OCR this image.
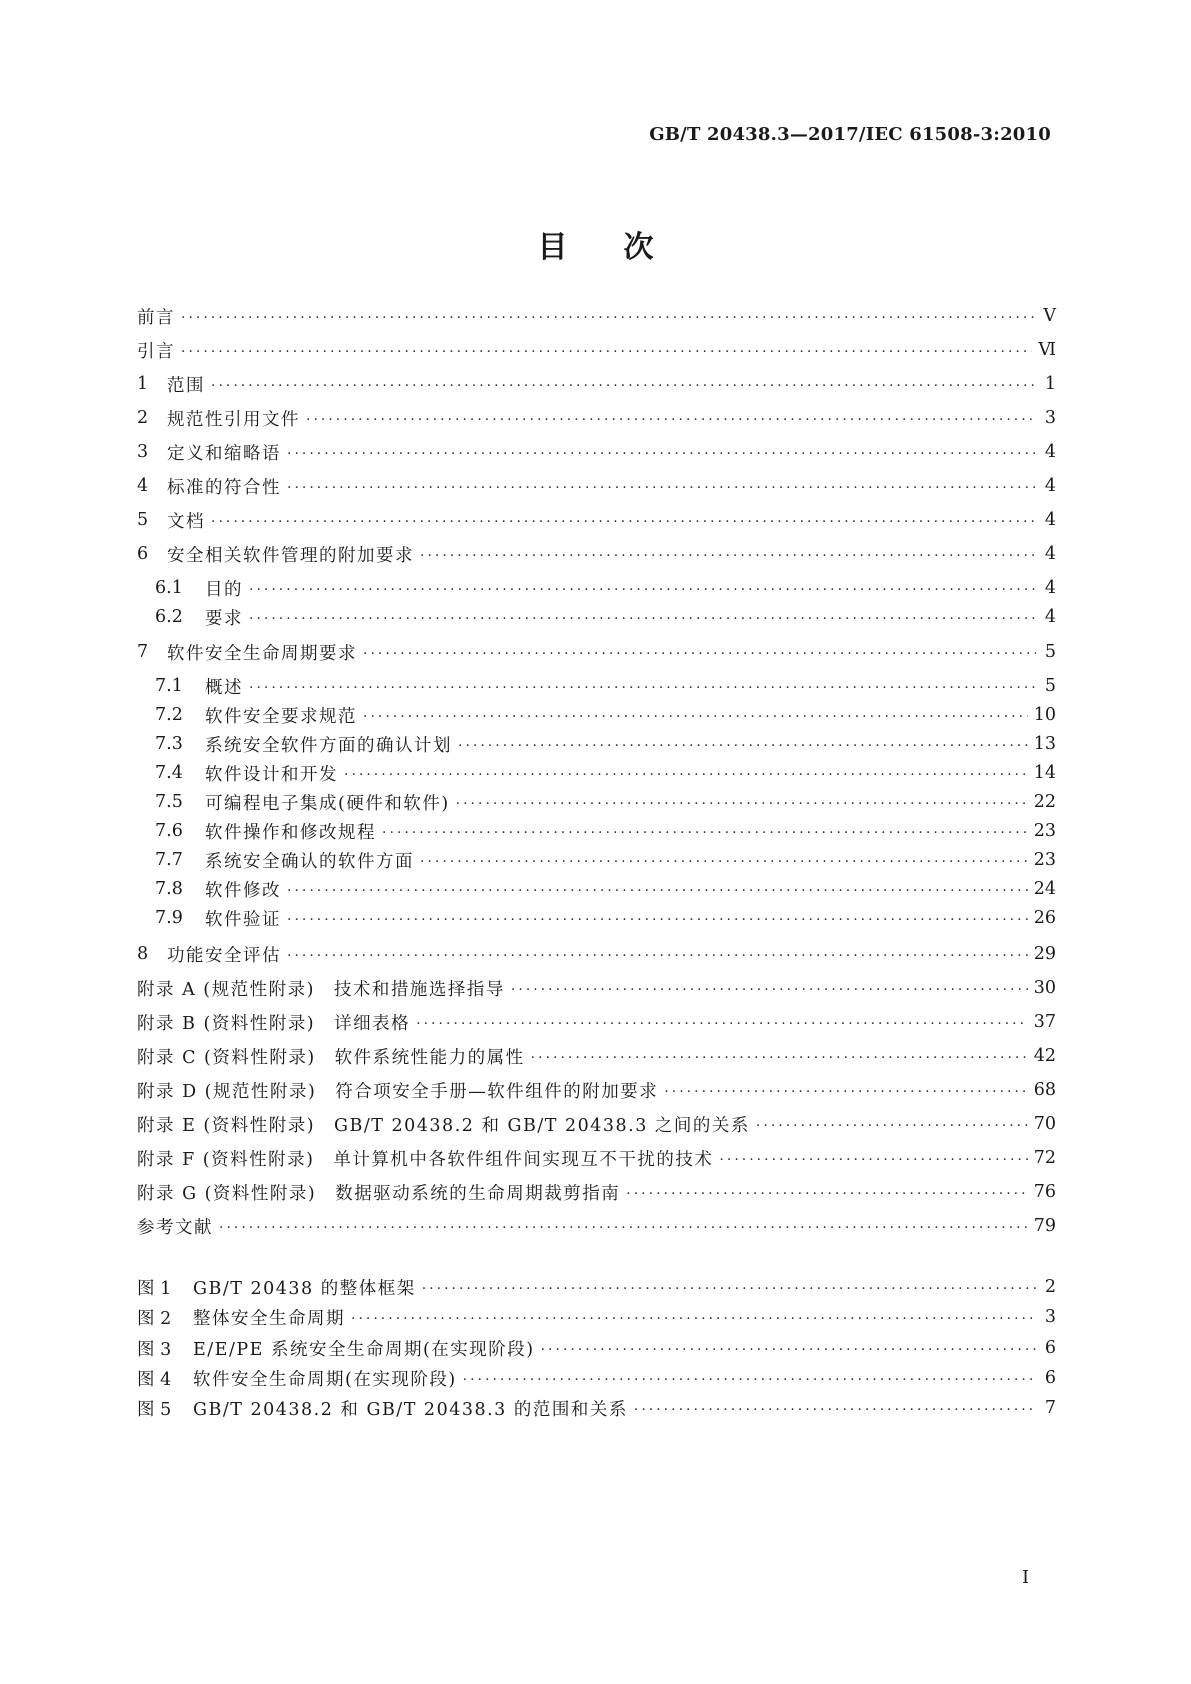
GB/T 20438.3—2017/IEC 61508-3:2010
目 次
前言 ·····	Ⅴ
引言 ·····	Ⅵ
1	范围 ·····	1
2	规范性引用文件 ·····	3
3	定义和缩略语 ·····	4
4	标准的符合性 ·····	4
5	文档 ·····	4
6	安全相关软件管理的附加要求 ·····	4
6.1	目的 ·····	4
6.2	要求 ·····	4
7	软件安全生命周期要求 ·····	5
7.1	概述 ·····	5
7.2	软件安全要求规范 ·····	10
7.3	系统安全软件方面的确认计划 ·····	13
7.4	软件设计和开发 ·····	14
7.5	可编程电子集成(硬件和软件) ·····	22
7.6	软件操作和修改规程 ·····	23
7.7	系统安全确认的软件方面 ·····	23
7.8	软件修改 ·····	24
7.9	软件验证 ·····	26
8	功能安全评估 ·····	29
附录 A (规范性附录)　技术和措施选择指导 ·····	30
附录 B (资料性附录)　详细表格 ·····	37
附录 C (资料性附录)　软件系统性能力的属性 ·····	42
附录 D (规范性附录)　符合项安全手册—软件组件的附加要求 ·····	68
附录 E (资料性附录)　GB/T 20438.2 和 GB/T 20438.3 之间的关系 ·····	70
附录 F (资料性附录)　单计算机中各软件组件间实现互不干扰的技术 ·····	72
附录 G (资料性附录)　数据驱动系统的生命周期裁剪指南 ·····	76
参考文献 ·····	79
图 1	GB/T 20438 的整体框架 ·····	2
图 2	整体安全生命周期 ·····	3
图 3	E/E/PE 系统安全生命周期(在实现阶段) ·····	6
图 4	软件安全生命周期(在实现阶段) ·····	6
图 5	GB/T 20438.2 和 GB/T 20438.3 的范围和关系 ·····	7
I
